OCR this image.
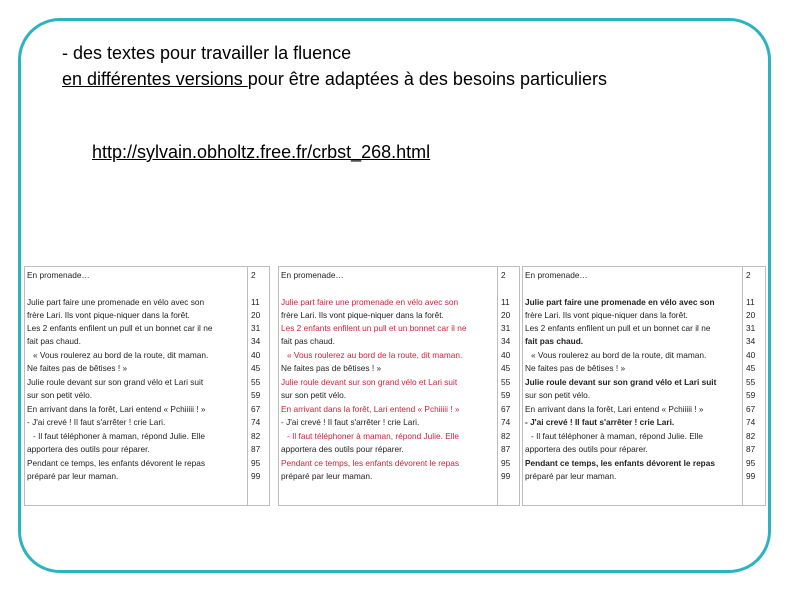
- des textes pour travailler la fluence
en différentes versions pour être adaptées à des besoins particuliers
http://sylvain.obholtz.free.fr/crbst_268.html
En promenade…
Julie part faire une promenade en vélo avec son
frère Lari. Ils vont pique-niquer dans la forêt.
Les 2 enfants enfilent un pull et un bonnet car il ne
fait pas chaud.
« Vous roulerez au bord de la route, dit maman.
Ne faites pas de bêtises ! »
Julie roule devant sur son grand vélo et Lari suit
sur son petit vélo.
En arrivant dans la forêt, Lari entend « Pchiiiii ! »
- J'ai crevé ! Il faut s'arrêter ! crie Lari.
- Il faut téléphoner à maman, répond Julie. Elle
apportera des outils pour réparer.
Pendant ce temps, les enfants dévorent le repas
préparé par leur maman.
2
11
20
31
34
40
45
55
59
67
74
82
87
95
99
En promenade…
Julie part faire une promenade en vélo avec son
frère Lari. Ils vont pique-niquer dans la forêt.
Les 2 enfants enfilent un pull et un bonnet car il ne
fait pas chaud.
« Vous roulerez au bord de la route, dit maman.
Ne faites pas de bêtises ! »
Julie roule devant sur son grand vélo et Lari suit
sur son petit vélo.
En arrivant dans la forêt, Lari entend « Pchiiiii ! »
- J'ai crevé ! Il faut s'arrêter ! crie Lari.
- Il faut téléphoner à maman, répond Julie. Elle
apportera des outils pour réparer.
Pendant ce temps, les enfants dévorent le repas
préparé par leur maman.
2
11
20
31
34
40
45
55
59
67
74
82
87
95
99
En promenade…
Julie part faire une promenade en vélo avec son
frère Lari. Ils vont pique-niquer dans la forêt.
Les 2 enfants enfilent un pull et un bonnet car il ne
fait pas chaud.
« Vous roulerez au bord de la route, dit maman.
Ne faites pas de bêtises ! »
Julie roule devant sur son grand vélo et Lari suit
sur son petit vélo.
En arrivant dans la forêt, Lari entend « Pchiiiii ! »
- J'ai crevé ! Il faut s'arrêter ! crie Lari.
- Il faut téléphoner à maman, répond Julie. Elle
apportera des outils pour réparer.
Pendant ce temps, les enfants dévorent le repas
préparé par leur maman.
2
11
20
31
34
40
45
55
59
67
74
82
87
95
99
